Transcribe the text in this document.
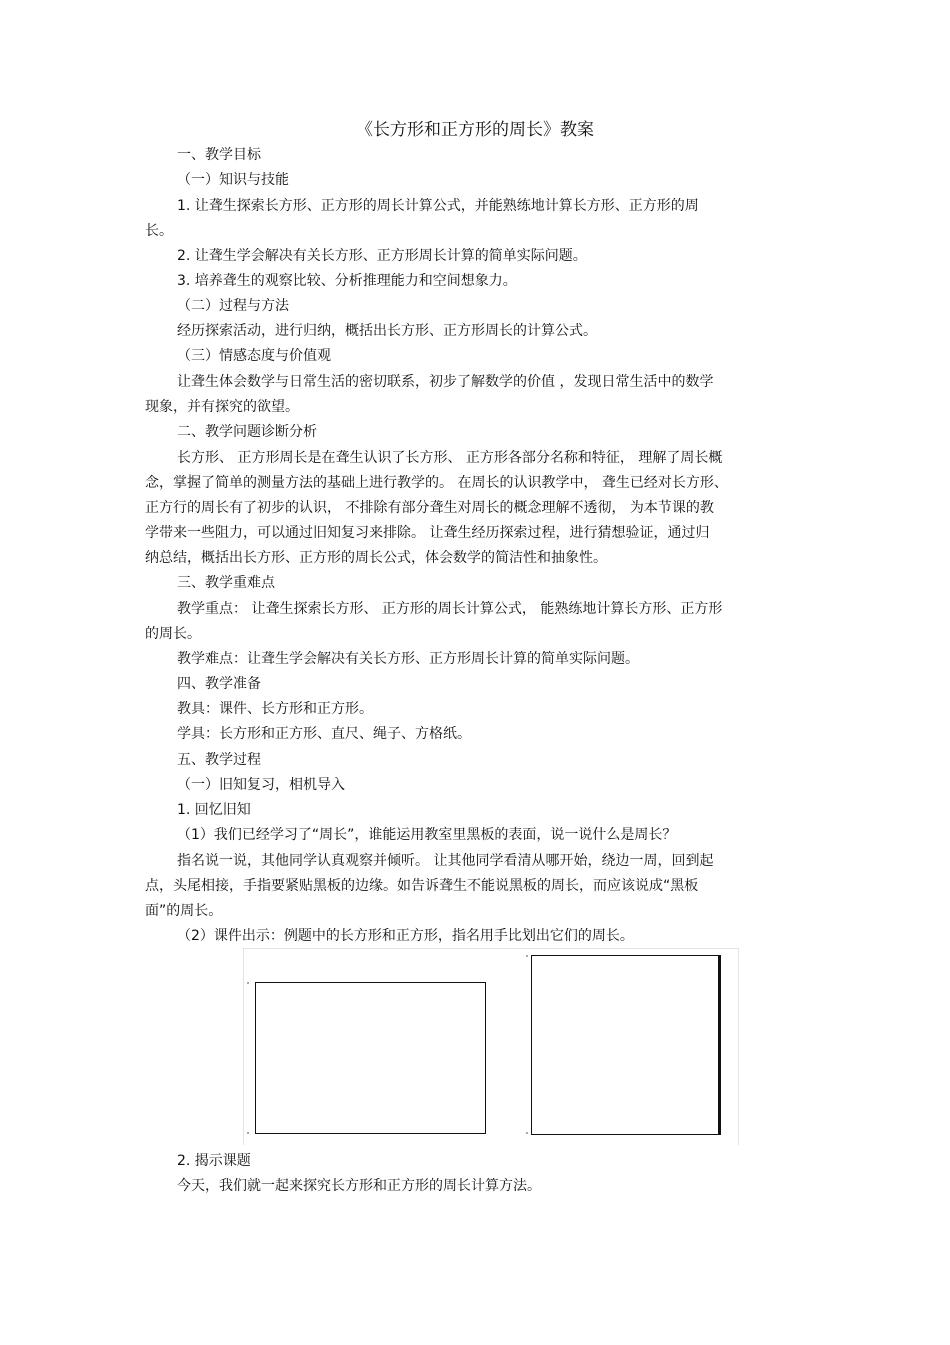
《长方形和正方形的周长》教案
一、教学目标
（一）知识与技能
1. 让聋生探索长方形、正方形的周长计算公式，并能熟练地计算长方形、正方形的周
长。
2. 让聋生学会解决有关长方形、正方形周长计算的简单实际问题。
3. 培养聋生的观察比较、分析推理能力和空间想象力。
（二）过程与方法
经历探索活动，进行归纳，概括出长方形、正方形周长的计算公式。
（三）情感态度与价值观
让聋生体会数学与日常生活的密切联系，初步了解数学的价值 ，发现日常生活中的数学
现象，并有探究的欲望。
二、教学问题诊断分析
长方形、 正方形周长是在聋生认识了长方形、 正方形各部分名称和特征， 理解了周长概
念，掌握了简单的测量方法的基础上进行教学的。 在周长的认识教学中， 聋生已经对长方形、
正方行的周长有了初步的认识， 不排除有部分聋生对周长的概念理解不透彻， 为本节课的教
学带来一些阻力，可以通过旧知复习来排除。 让聋生经历探索过程，进行猜想验证，通过归
纳总结，概括出长方形、正方形的周长公式，体会数学的简洁性和抽象性。
三、教学重难点
教学重点： 让聋生探索长方形、 正方形的周长计算公式， 能熟练地计算长方形、正方形
的周长。
教学难点：让聋生学会解决有关长方形、正方形周长计算的简单实际问题。
四、教学准备
教具：课件、长方形和正方形。
学具：长方形和正方形、直尺、绳子、方格纸。
五、教学过程
（一）旧知复习，相机导入
1. 回忆旧知
（1）我们已经学习了“周长”，谁能运用教室里黑板的表面，说一说什么是周长？
指名说一说，其他同学认真观察并倾听。 让其他同学看清从哪开始，绕边一周，回到起
点，头尾相接，手指要紧贴黑板的边缘。如告诉聋生不能说黑板的周长，而应该说成“黑板
面”的周长。
（2）课件出示：例题中的长方形和正方形，指名用手比划出它们的周长。
2. 揭示课题
今天，我们就一起来探究长方形和正方形的周长计算方法。
